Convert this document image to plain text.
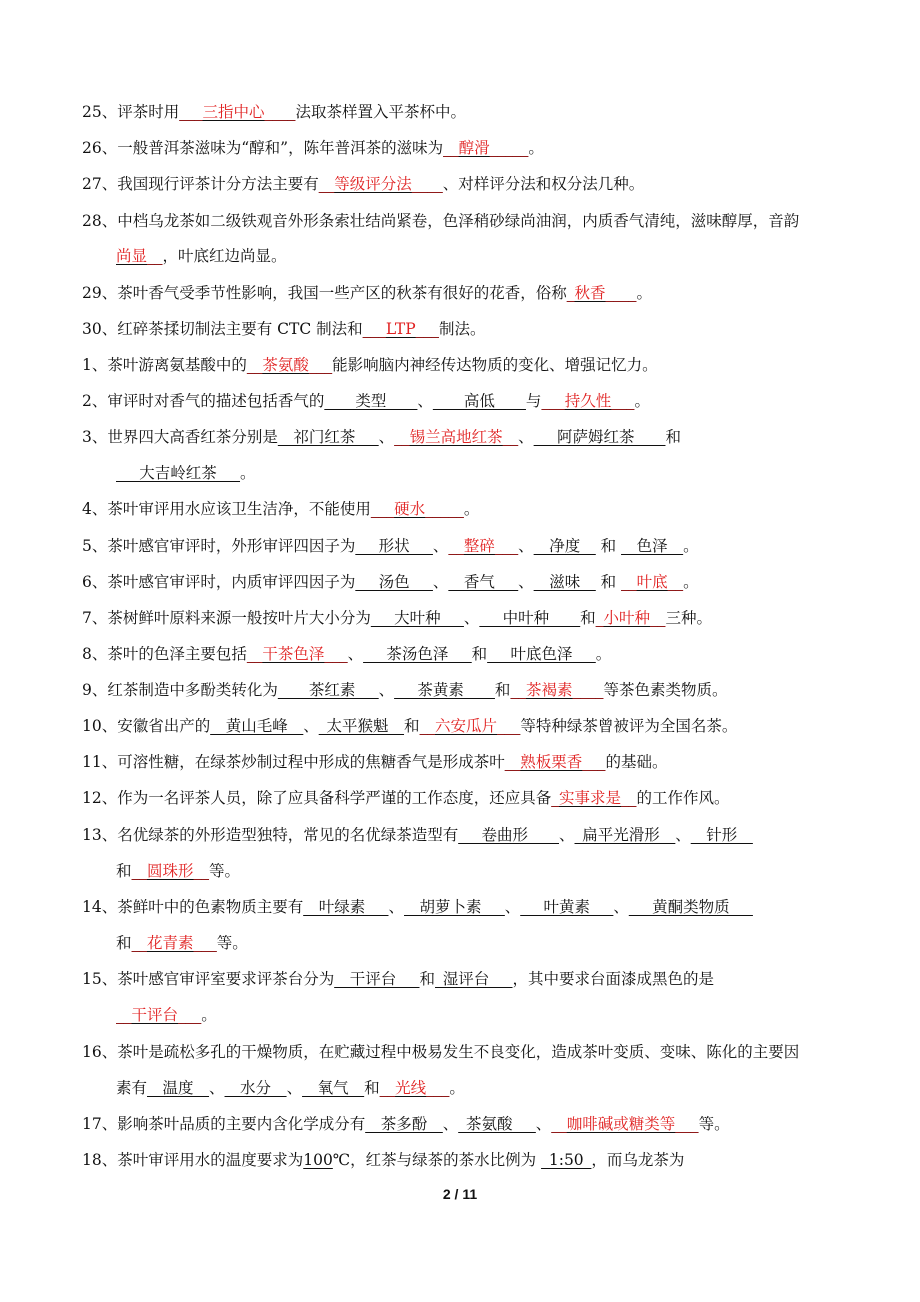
25、评茶时用___三指中心____法取茶样置入平茶杯中。
26、一般普洱茶滋味为“醇和”，陈年普洱茶的滋味为__醇滑_____。
27、我国现行评茶计分方法主要有__等级评分法____、对样评分法和权分法几种。
28、中档乌龙茶如二级铁观音外形条索壮结尚紧卷，色泽稍砂绿尚油润，内质香气清纯，滋味醇厚，音韵
尚显__，叶底红边尚显。
29、茶叶香气受季节性影响，我国一些产区的秋茶有很好的花香，俗称_秋香____。
30、红碎茶揉切制法主要有 CTC 制法和___LTP___制法。
1、茶叶游离氨基酸中的__茶氨酸___能影响脑内神经传达物质的变化、增强记忆力。
2、审评时对香气的描述包括香气的____类型____、____高低____与___持久性___。
3、世界四大高香红茶分别是__祁门红茶___、__锡兰高地红茶__、___阿萨姆红茶____和
___大吉岭红茶___。
4、茶叶审评用水应该卫生洁净，不能使用___硬水_____。
5、茶叶感官审评时，外形审评四因子为___形状___、__整碎___、__净度__ 和 __色泽__。
6、茶叶感官审评时，内质审评四因子为___汤色___、__香气___、__滋味__ 和 __叶底__。
7、茶树鲜叶原料来源一般按叶片大小分为___大叶种___、___中叶种____和_小叶种__三种。
8、茶叶的色泽主要包括__干茶色泽___、___茶汤色泽___和___叶底色泽___。
9、红茶制造中多酚类转化为____茶红素___、___茶黄素____和__茶褐素____等茶色素类物质。
10、安徽省出产的__黄山毛峰__、_太平猴魁__和__六安瓜片___等特种绿茶曾被评为全国名茶。
11、可溶性糖，在绿茶炒制过程中形成的焦糖香气是形成茶叶__熟板栗香___的基础。
12、作为一名评茶人员，除了应具备科学严谨的工作态度，还应具备_实事求是__的工作作风。
13、名优绿茶的外形造型独特，常见的名优绿茶造型有___卷曲形____、_扁平光滑形__、__针形__
和__圆珠形__等。
14、茶鲜叶中的色素物质主要有__叶绿素___、__胡萝卜素___、___叶黄素___、___黄酮类物质___
和__花青素___等。
15、茶叶感官审评室要求评茶台分为__干评台___和_湿评台___，其中要求台面漆成黑色的是
__干评台___。
16、茶叶是疏松多孔的干燥物质，在贮藏过程中极易发生不良变化，造成茶叶变质、变味、陈化的主要因
素有__温度__、__水分__、__氧气__和__光线___。
17、影响茶叶品质的主要内含化学成分有__茶多酚__、_茶氨酸___、__咖啡碱或糖类等___等。
18、茶叶审评用水的温度要求为100℃，红茶与绿茶的茶水比例为 _1:50_，而乌龙茶为
2 / 11
